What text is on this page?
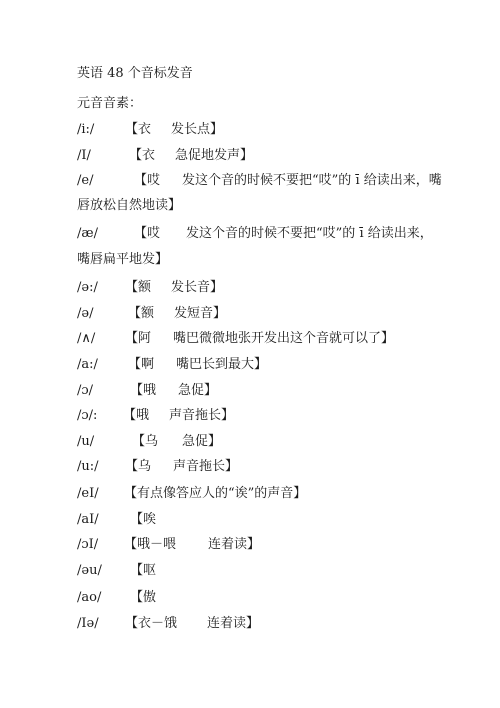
英语 48 个音标发音
元音音素：
/i:/ 【衣 发长点】
/I/	【衣 急促地发声】
/e/	【哎 发这个音的时候不要把“哎”的 ī 给读出来，嘴
唇放松自然地读】
/æ/	【哎 发这个音的时候不要把“哎”的 ī 给读出来，
嘴唇扁平地发】
/ə:/ 【额 发长音】
/ə/	【额 发短音】
/∧/ 【阿 嘴巴微微地张开发出这个音就可以了】
/a:/ 【啊 嘴巴长到最大】
/ɔ/	【哦 急促】
/ɔ/: 【哦 声音拖长】
/u/	【乌 急促】
/u:/ 【乌 声音拖长】
/eI/ 【有点像答应人的“诶”的声音】
/aI/ 【唉
/ɔI/ 【哦－喂 连着读】
/əu/ 【呕
/ao/ 【傲
/Iə/ 【衣－饿 连着读】
